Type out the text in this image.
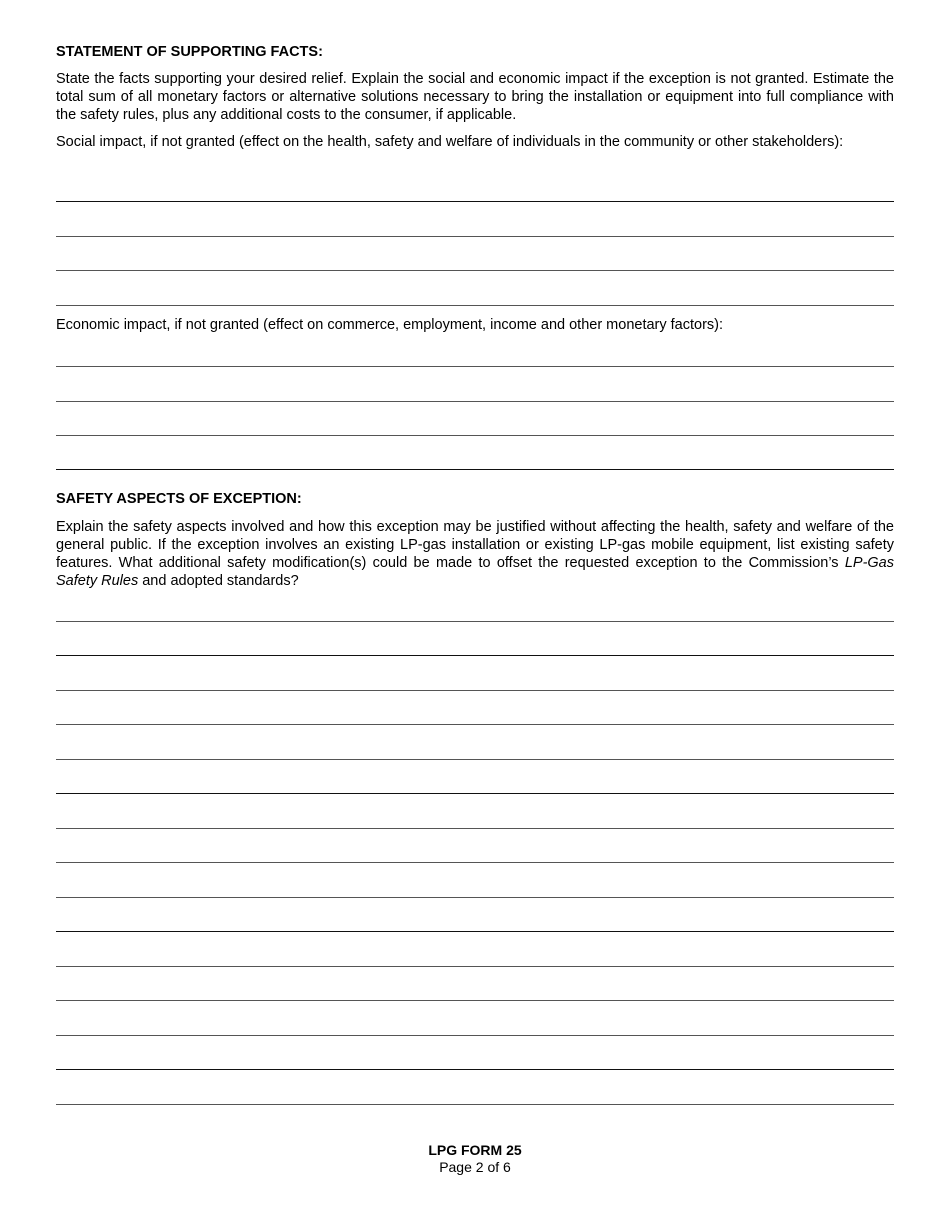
STATEMENT OF SUPPORTING FACTS:

State the facts supporting your desired relief. Explain the social and economic impact if the exception is not granted. Estimate the total sum of all monetary factors or alternative solutions necessary to bring the installation or equipment into full compliance with the safety rules, plus any additional costs to the consumer, if applicable.

Social impact, if not granted (effect on the health, safety and welfare of individuals in the community or other stakeholders):

Economic impact, if not granted (effect on commerce, employment, income and other monetary factors):

SAFETY ASPECTS OF EXCEPTION:

Explain the safety aspects involved and how this exception may be justified without affecting the health, safety and welfare of the general public. If the exception involves an existing LP-gas installation or existing LP-gas mobile equipment, list existing safety features. What additional safety modification(s) could be made to offset the requested exception to the Commission’s LP-Gas Safety Rules and adopted standards?

LPG FORM 25
Page 2 of 6
